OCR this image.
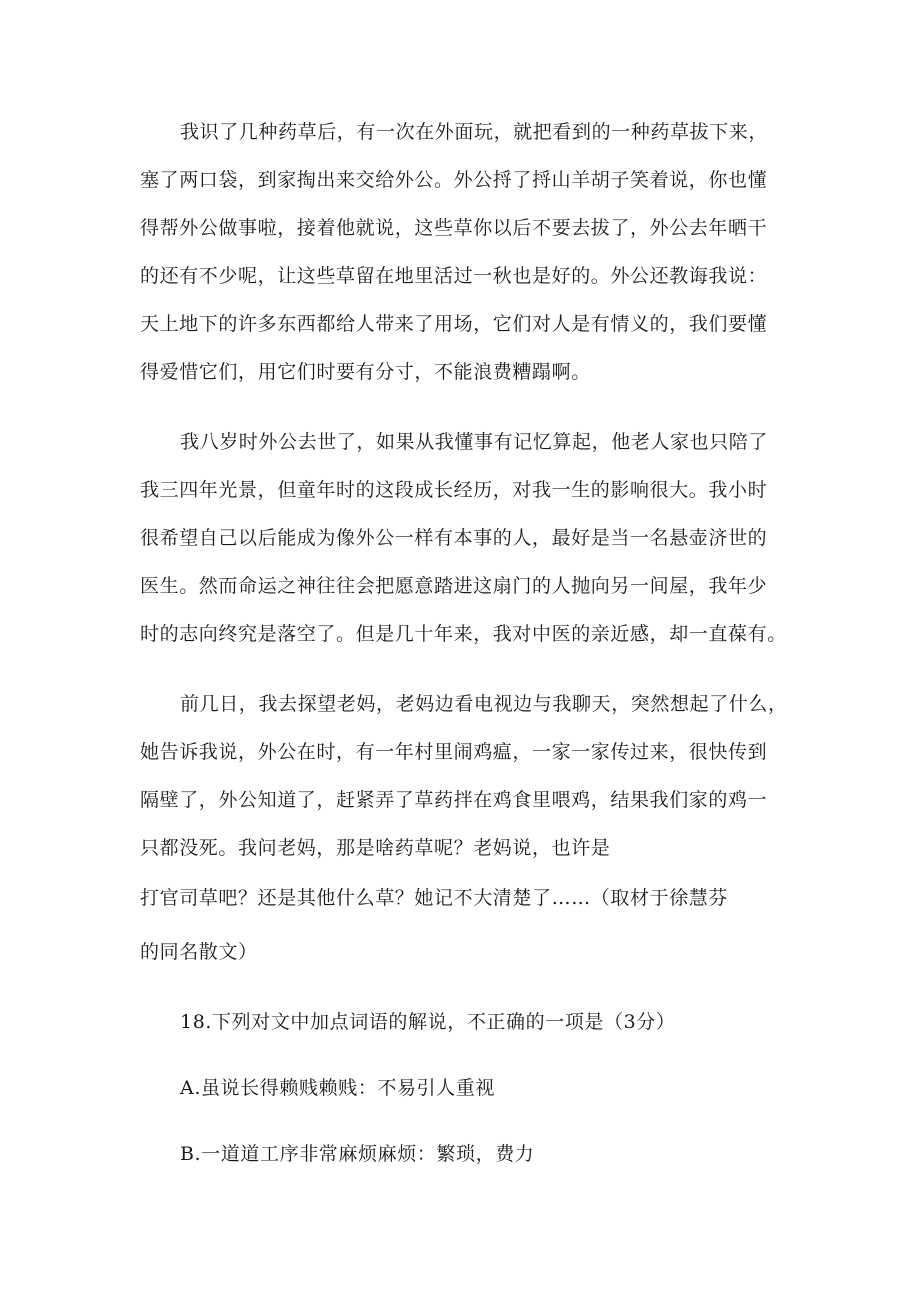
我识了几种药草后，有一次在外面玩，就把看到的一种药草拔下来，
塞了两口袋，到家掏出来交给外公。外公捋了捋山羊胡子笑着说，你也懂
得帮外公做事啦，接着他就说，这些草你以后不要去拔了，外公去年晒干
的还有不少呢，让这些草留在地里活过一秋也是好的。外公还教诲我说：
天上地下的许多东西都给人带来了用场，它们对人是有情义的，我们要懂
得爱惜它们，用它们时要有分寸，不能浪费糟蹋啊。
我八岁时外公去世了，如果从我懂事有记忆算起，他老人家也只陪了
我三四年光景，但童年时的这段成长经历，对我一生的影响很大。我小时
很希望自己以后能成为像外公一样有本事的人，最好是当一名悬壶济世的
医生。然而命运之神往往会把愿意踏进这扇门的人抛向另一间屋，我年少
时的志向终究是落空了。但是几十年来，我对中医的亲近感，却一直葆有。
前几日，我去探望老妈，老妈边看电视边与我聊天，突然想起了什么，
她告诉我说，外公在时，有一年村里闹鸡瘟，一家一家传过来，很快传到
隔壁了，外公知道了，赶紧弄了草药拌在鸡食里喂鸡，结果我们家的鸡一
只都没死。我问老妈，那是啥药草呢？老妈说，也许是
打官司草吧？还是其他什么草？她记不大清楚了……（取材于徐慧芬
的同名散文）
18.下列对文中加点词语的解说，不正确的一项是（3分）
A.虽说长得赖贱赖贱：不易引人重视
B.一道道工序非常麻烦麻烦：繁琐，费力
